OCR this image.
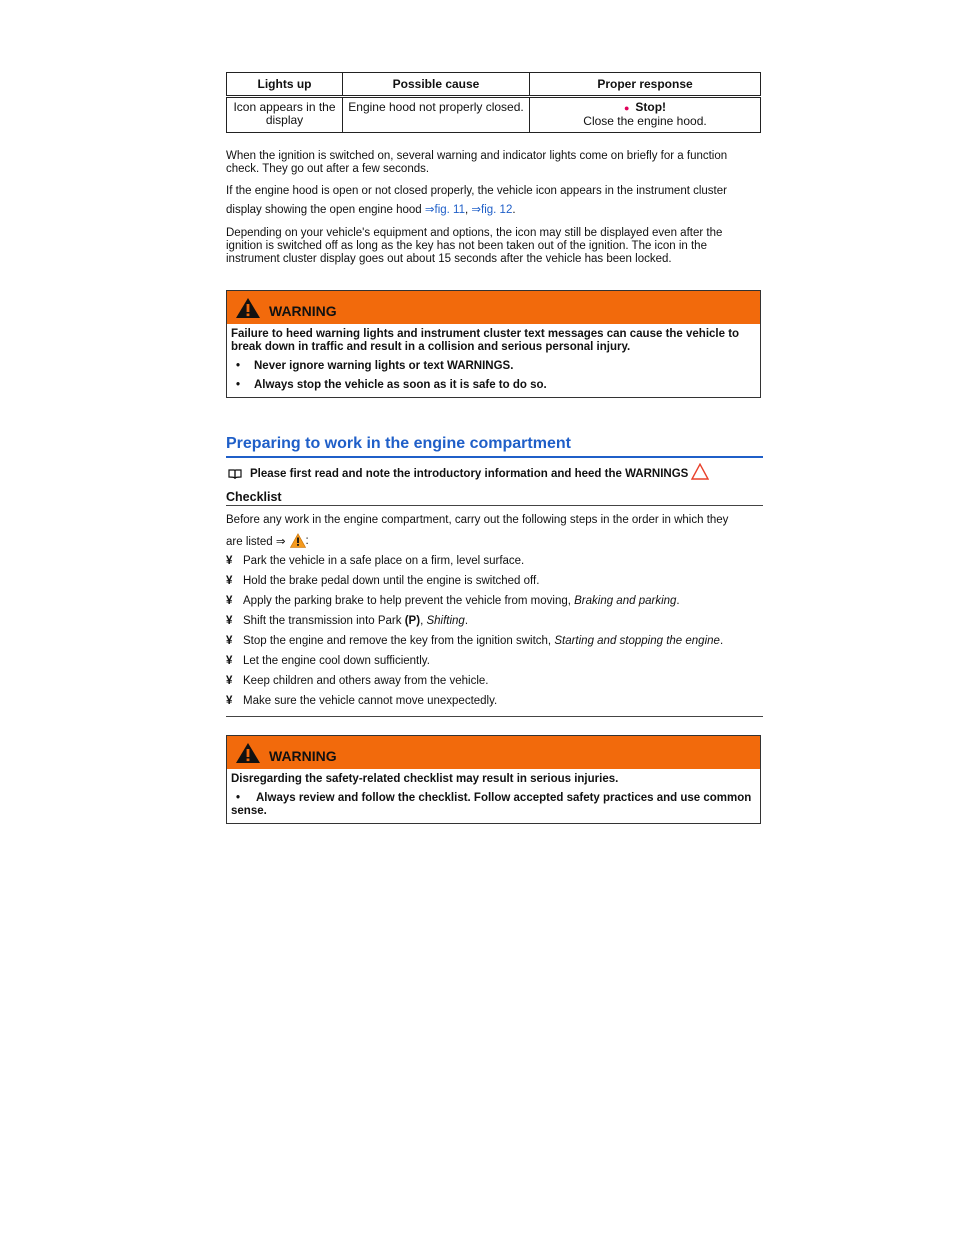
Lights up	Possible cause	Proper response
Icon appears in the display	Engine hood not properly closed.	● Stop!
Close the engine hood.

When the ignition is switched on, several warning and indicator lights come on briefly for a function check. They go out after a few seconds.

If the engine hood is open or not closed properly, the vehicle icon appears in the instrument cluster display showing the open engine hood ⇒fig. 11, ⇒fig. 12.

Depending on your vehicle's equipment and options, the icon may still be displayed even after the ignition is switched off as long as the key has not been taken out of the ignition. The icon in the instrument cluster display goes out about 15 seconds after the vehicle has been locked.

WARNING
Failure to heed warning lights and instrument cluster text messages can cause the vehicle to break down in traffic and result in a collision and serious personal injury.
•	Never ignore warning lights or text WARNINGS.
•	Always stop the vehicle as soon as it is safe to do so.
Preparing to work in the engine compartment
Please first read and note the introductory information and heed the WARNINGS
Checklist

Before any work in the engine compartment, carry out the following steps in the order in which they

are listed ⇒ :
¥ Park the vehicle in a safe place on a firm, level surface.
¥ Hold the brake pedal down until the engine is switched off.
¥ Apply the parking brake to help prevent the vehicle from moving, Braking and parking.
¥ Shift the transmission into Park (P), Shifting.
¥ Stop the engine and remove the key from the ignition switch, Starting and stopping the engine.
¥ Let the engine cool down sufficiently.
¥ Keep children and others away from the vehicle.
¥ Make sure the vehicle cannot move unexpectedly.
WARNING
Disregarding the safety-related checklist may result in serious injuries.
• Always review and follow the checklist. Follow accepted safety practices and use common sense.
